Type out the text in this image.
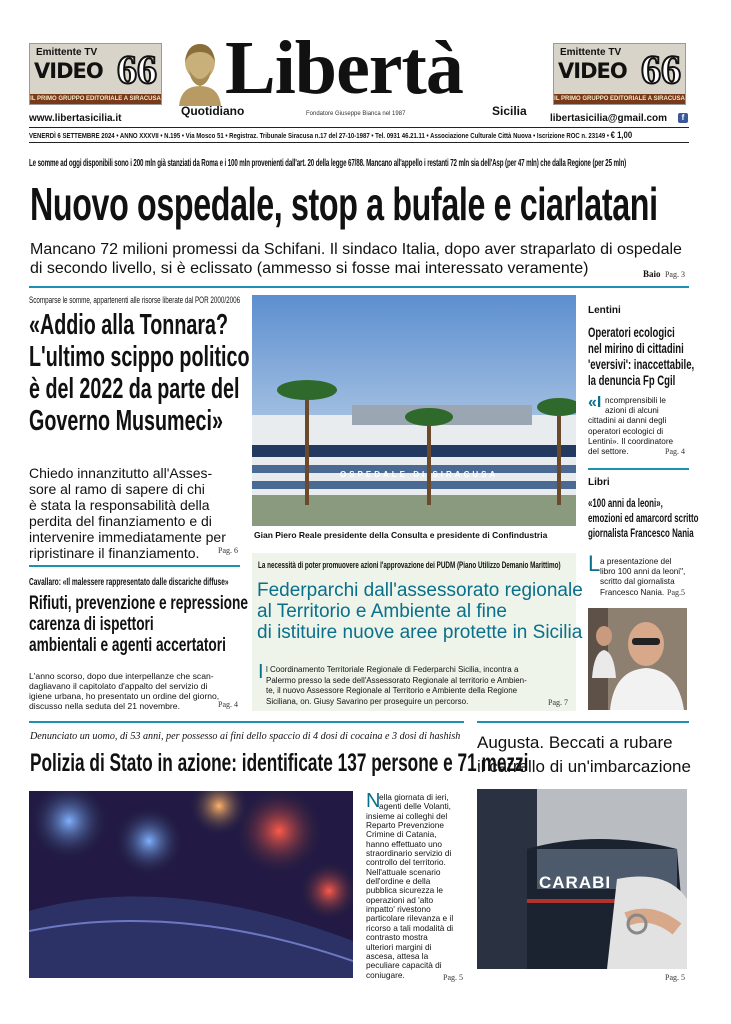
Emittente TV
VIDEO 66
IL PRIMO GRUPPO EDITORIALE A SIRACUSA
Emittente TV
VIDEO 66
IL PRIMO GRUPPO EDITORIALE A SIRACUSA
Libertà
Quotidiano	Sicilia
Fondatore Giuseppe Bianca nel 1987
www.libertasicilia.it	libertasicilia@gmail.com	f
VENERDÌ 6 SETTEMBRE 2024 • ANNO XXXVII • N.195 • Via Mosco 51 • Registraz. Tribunale Siracusa n.17 del 27-10-1987 • Tel. 0931 46.21.11 • Associazione Culturale Città Nuova • Iscrizione ROC n. 23149 • € 1,00
Le somme ad oggi disponibili sono i 200 mln già stanziati da Roma e i 100 mln provenienti dall'art. 20 della legge 67/88. Mancano all'appello i restanti 72 mln sia dell'Asp (per 47 mln) che dalla Regione (per 25 mln)
Nuovo ospedale, stop a bufale e ciarlatani
Mancano 72 milioni promessi da Schifani. Il sindaco Italia, dopo aver straparlato di ospedale
di secondo livello, si è eclissato (ammesso si fosse mai interessato veramente)	Baio Pag. 3
Scomparse le somme, appartenenti alle risorse liberate dal POR 2000/2006
«Addio alla Tonnara?
L'ultimo scippo politico
è del 2022 da parte del
Governo Musumeci»
Chiedo innanzitutto all'Asses-
sore al ramo di sapere di chi
è stata la responsabilità della
perdita del finanziamento e di
intervenire immediatamente per
ripristinare il finanziamento.	Pag. 6
Cavallaro: «Il malessere rappresentato dalle discariche diffuse»
Rifiuti, prevenzione e repressione
carenza di ispettori
ambientali e agenti accertatori
L'anno scorso, dopo due interpellanze che scan-
dagliavano il capitolato d'appalto del servizio di
igiene urbana, ho presentato un ordine del giorno,
discusso nella seduta del 21 novembre.	Pag. 4
OSPEDALE DI SIRACUSA
Gian Piero Reale presidente della Consulta e presidente di Confindustria
La necessità di poter promuovere azioni l'approvazione dei PUDM (Piano Utilizzo Demanio Marittimo)
Federparchi dall'assessorato regionale
al Territorio e Ambiente al fine
di istituire nuove aree protette in Sicilia
I l Coordinamento Territoriale Regionale di Federparchi Sicilia, incontra a
Palermo presso la sede dell'Assessorato Regionale al territorio e Ambien-
te, il nuovo Assessore Regionale al Territorio e Ambiente della Regione
Siciliana, on. Giusy Savarino per proseguire un percorso.	Pag. 7
Lentini
Operatori ecologici
nel mirino di cittadini
'eversivi': inaccettabile,
la denuncia Fp Cgil
«I ncomprensibili le
azioni di alcuni
cittadini ai danni degli
operatori ecologici di
Lentini». Il coordinatore
del settore.	Pag. 4
Libri
«100 anni da leoni»,
emozioni ed amarcord scritto
giornalista Francesco Nania
L a presentazione del
libro 100 anni da leoni",
scritto dal giornalista
Francesco Nania. Pag.5
Denunciato un uomo, di 53 anni, per possesso ai fini dello spaccio di 4 dosi di cocaina e 3 dosi di hashish
Polizia di Stato in azione: identificate 137 persone e 71 mezzi
N
ella giornata di ieri,
agenti delle Volanti,
insieme ai colleghi del
Reparto Prevenzione
Crimine di Catania,
hanno effettuato uno
straordinario servizio di
controllo del territorio.
Nell'attuale scenario
dell'ordine e della
pubblica sicurezza le
operazioni ad 'alto
impatto' rivestono
particolare rilevanza e il
ricorso a tali modalità di
contrasto mostra
ulteriori margini di
ascesa, attesa la
peculiare capacità di
coniugare.	Pag. 5
Augusta. Beccati a rubare
il carrello di un'imbarcazione
CARABI
Pag. 5
